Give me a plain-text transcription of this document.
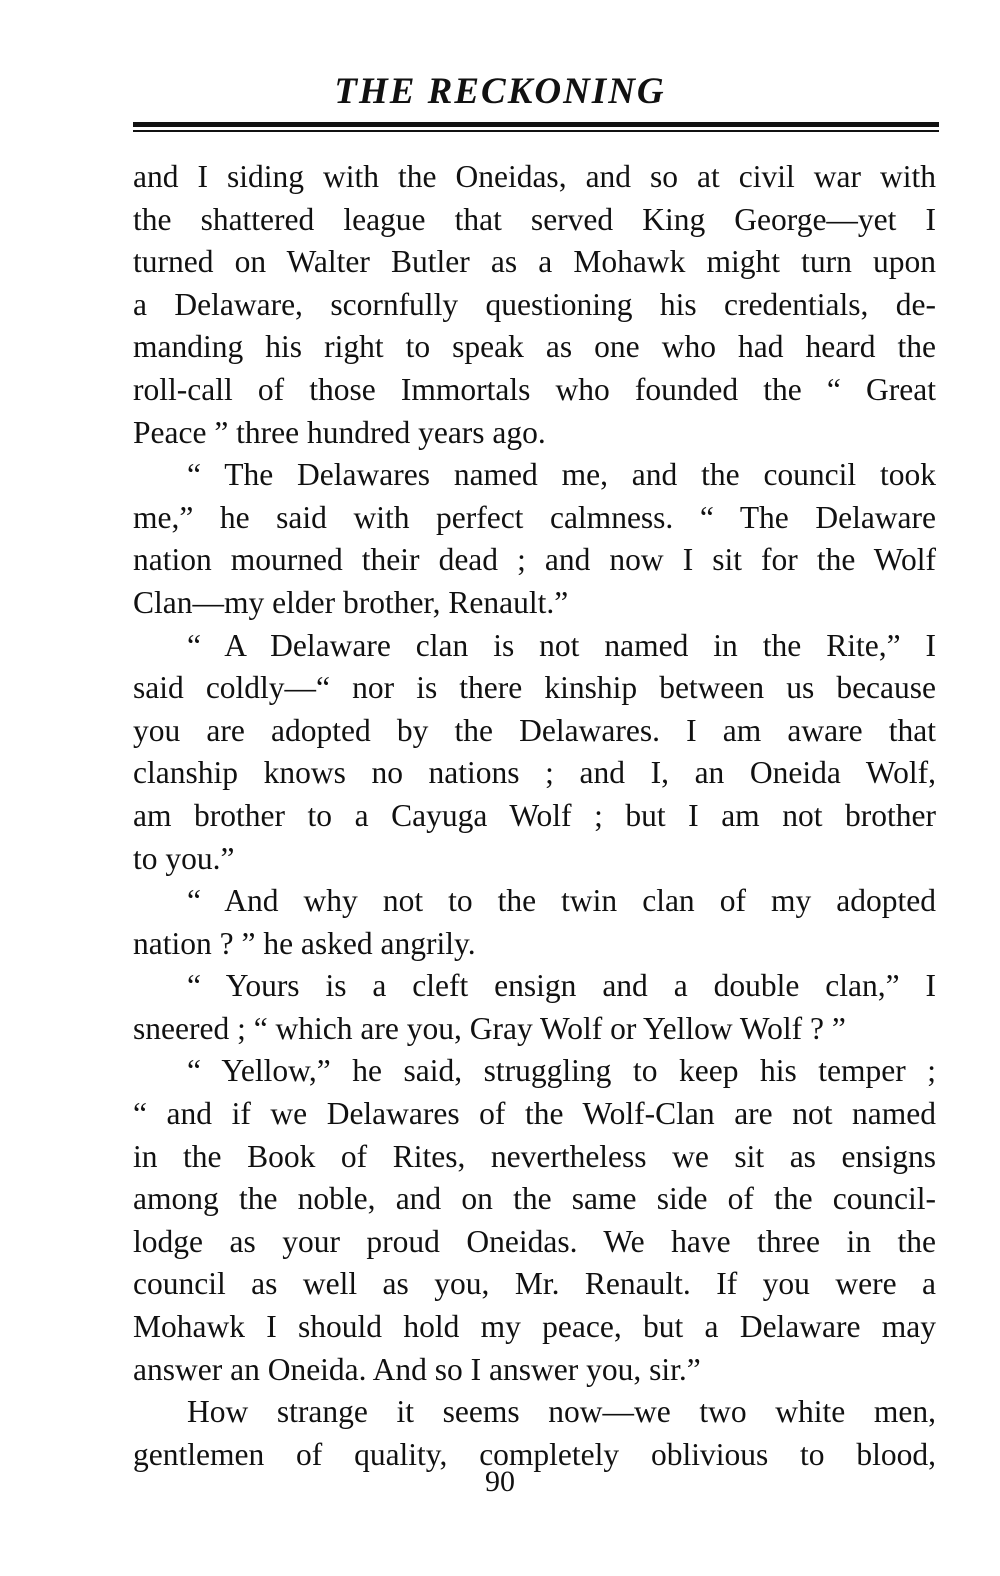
THE RECKONING

and I siding with the Oneidas, and so at civil war with
the shattered league that served King George—yet I
turned on Walter Butler as a Mohawk might turn upon
a Delaware, scornfully questioning his credentials, de-
manding his right to speak as one who had heard the
roll-call of those Immortals who founded the “ Great
Peace ” three hundred years ago.

“ The Delawares named me, and the council took
me,” he said with perfect calmness. “ The Delaware
nation mourned their dead ; and now I sit for the Wolf
Clan—my elder brother, Renault.”

“ A Delaware clan is not named in the Rite,” I
said coldly—“ nor is there kinship between us because
you are adopted by the Delawares. I am aware that
clanship knows no nations ; and I, an Oneida Wolf,
am brother to a Cayuga Wolf ; but I am not brother
to you.”

“ And why not to the twin clan of my adopted
nation ? ” he asked angrily.

“ Yours is a cleft ensign and a double clan,” I
sneered ; “ which are you, Gray Wolf or Yellow Wolf ? ”

“ Yellow,” he said, struggling to keep his temper ;
“ and if we Delawares of the Wolf-Clan are not named
in the Book of Rites, nevertheless we sit as ensigns
among the noble, and on the same side of the council-
lodge as your proud Oneidas. We have three in the
council as well as you, Mr. Renault. If you were a
Mohawk I should hold my peace, but a Delaware may
answer an Oneida. And so I answer you, sir.”

How strange it seems now—we two white men,
gentlemen of quality, completely oblivious to blood,

90
